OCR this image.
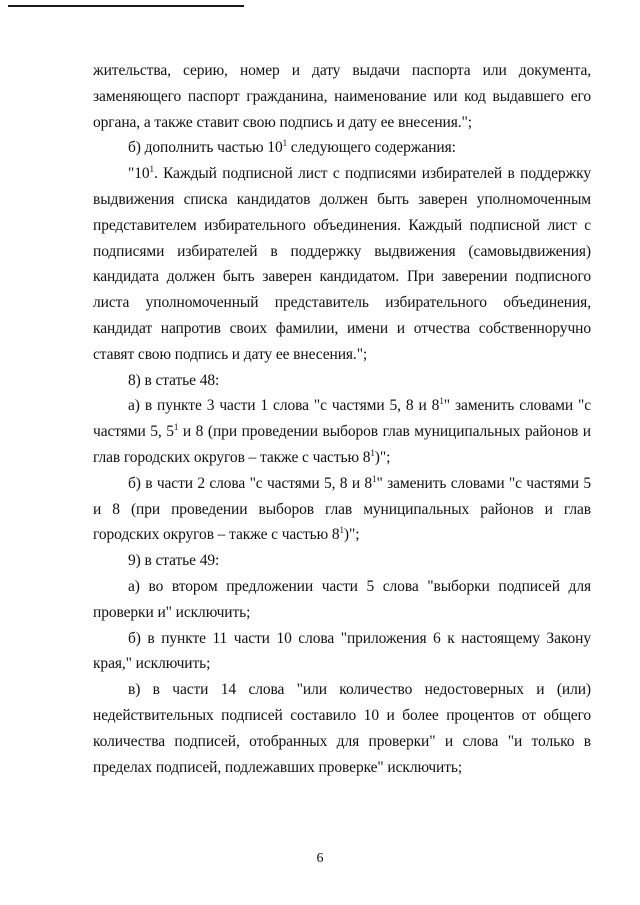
жительства, серию, номер и дату выдачи паспорта или документа, заменяющего паспорт гражданина, наименование или код выдавшего его органа, а также ставит свою подпись и дату ее внесения.";

б) дополнить частью $10^1$ следующего содержания:

"$10^1$. Каждый подписной лист с подписями избирателей в поддержку выдвижения списка кандидатов должен быть заверен уполномоченным представителем избирательного объединения. Каждый подписной лист с подписями избирателей в поддержку выдвижения (самовыдвижения) кандидата должен быть заверен кандидатом. При заверении подписного листа уполномоченный представитель избирательного объединения, кандидат напротив своих фамилии, имени и отчества собственноручно ставят свою подпись и дату ее внесения.";

8) в статье 48:

а) в пункте 3 части 1 слова "с частями 5, 8 и $8^1$" заменить словами "с частями 5, $5^1$ и 8 (при проведении выборов глав муниципальных районов и глав городских округов – также с частью $8^1$)";

б) в части 2 слова "с частями 5, 8 и $8^1$" заменить словами "с частями 5 и 8 (при проведении выборов глав муниципальных районов и глав городских округов – также с частью $8^1$)";

9) в статье 49:

а) во втором предложении части 5 слова "выборки подписей для проверки и" исключить;

б) в пункте 11 части 10 слова "приложения 6 к настоящему Закону края," исключить;

в) в части 14 слова "или количество недостоверных и (или) недействительных подписей составило 10 и более процентов от общего количества подписей, отобранных для проверки" и слова "и только в пределах подписей, подлежавших проверке" исключить;

6
